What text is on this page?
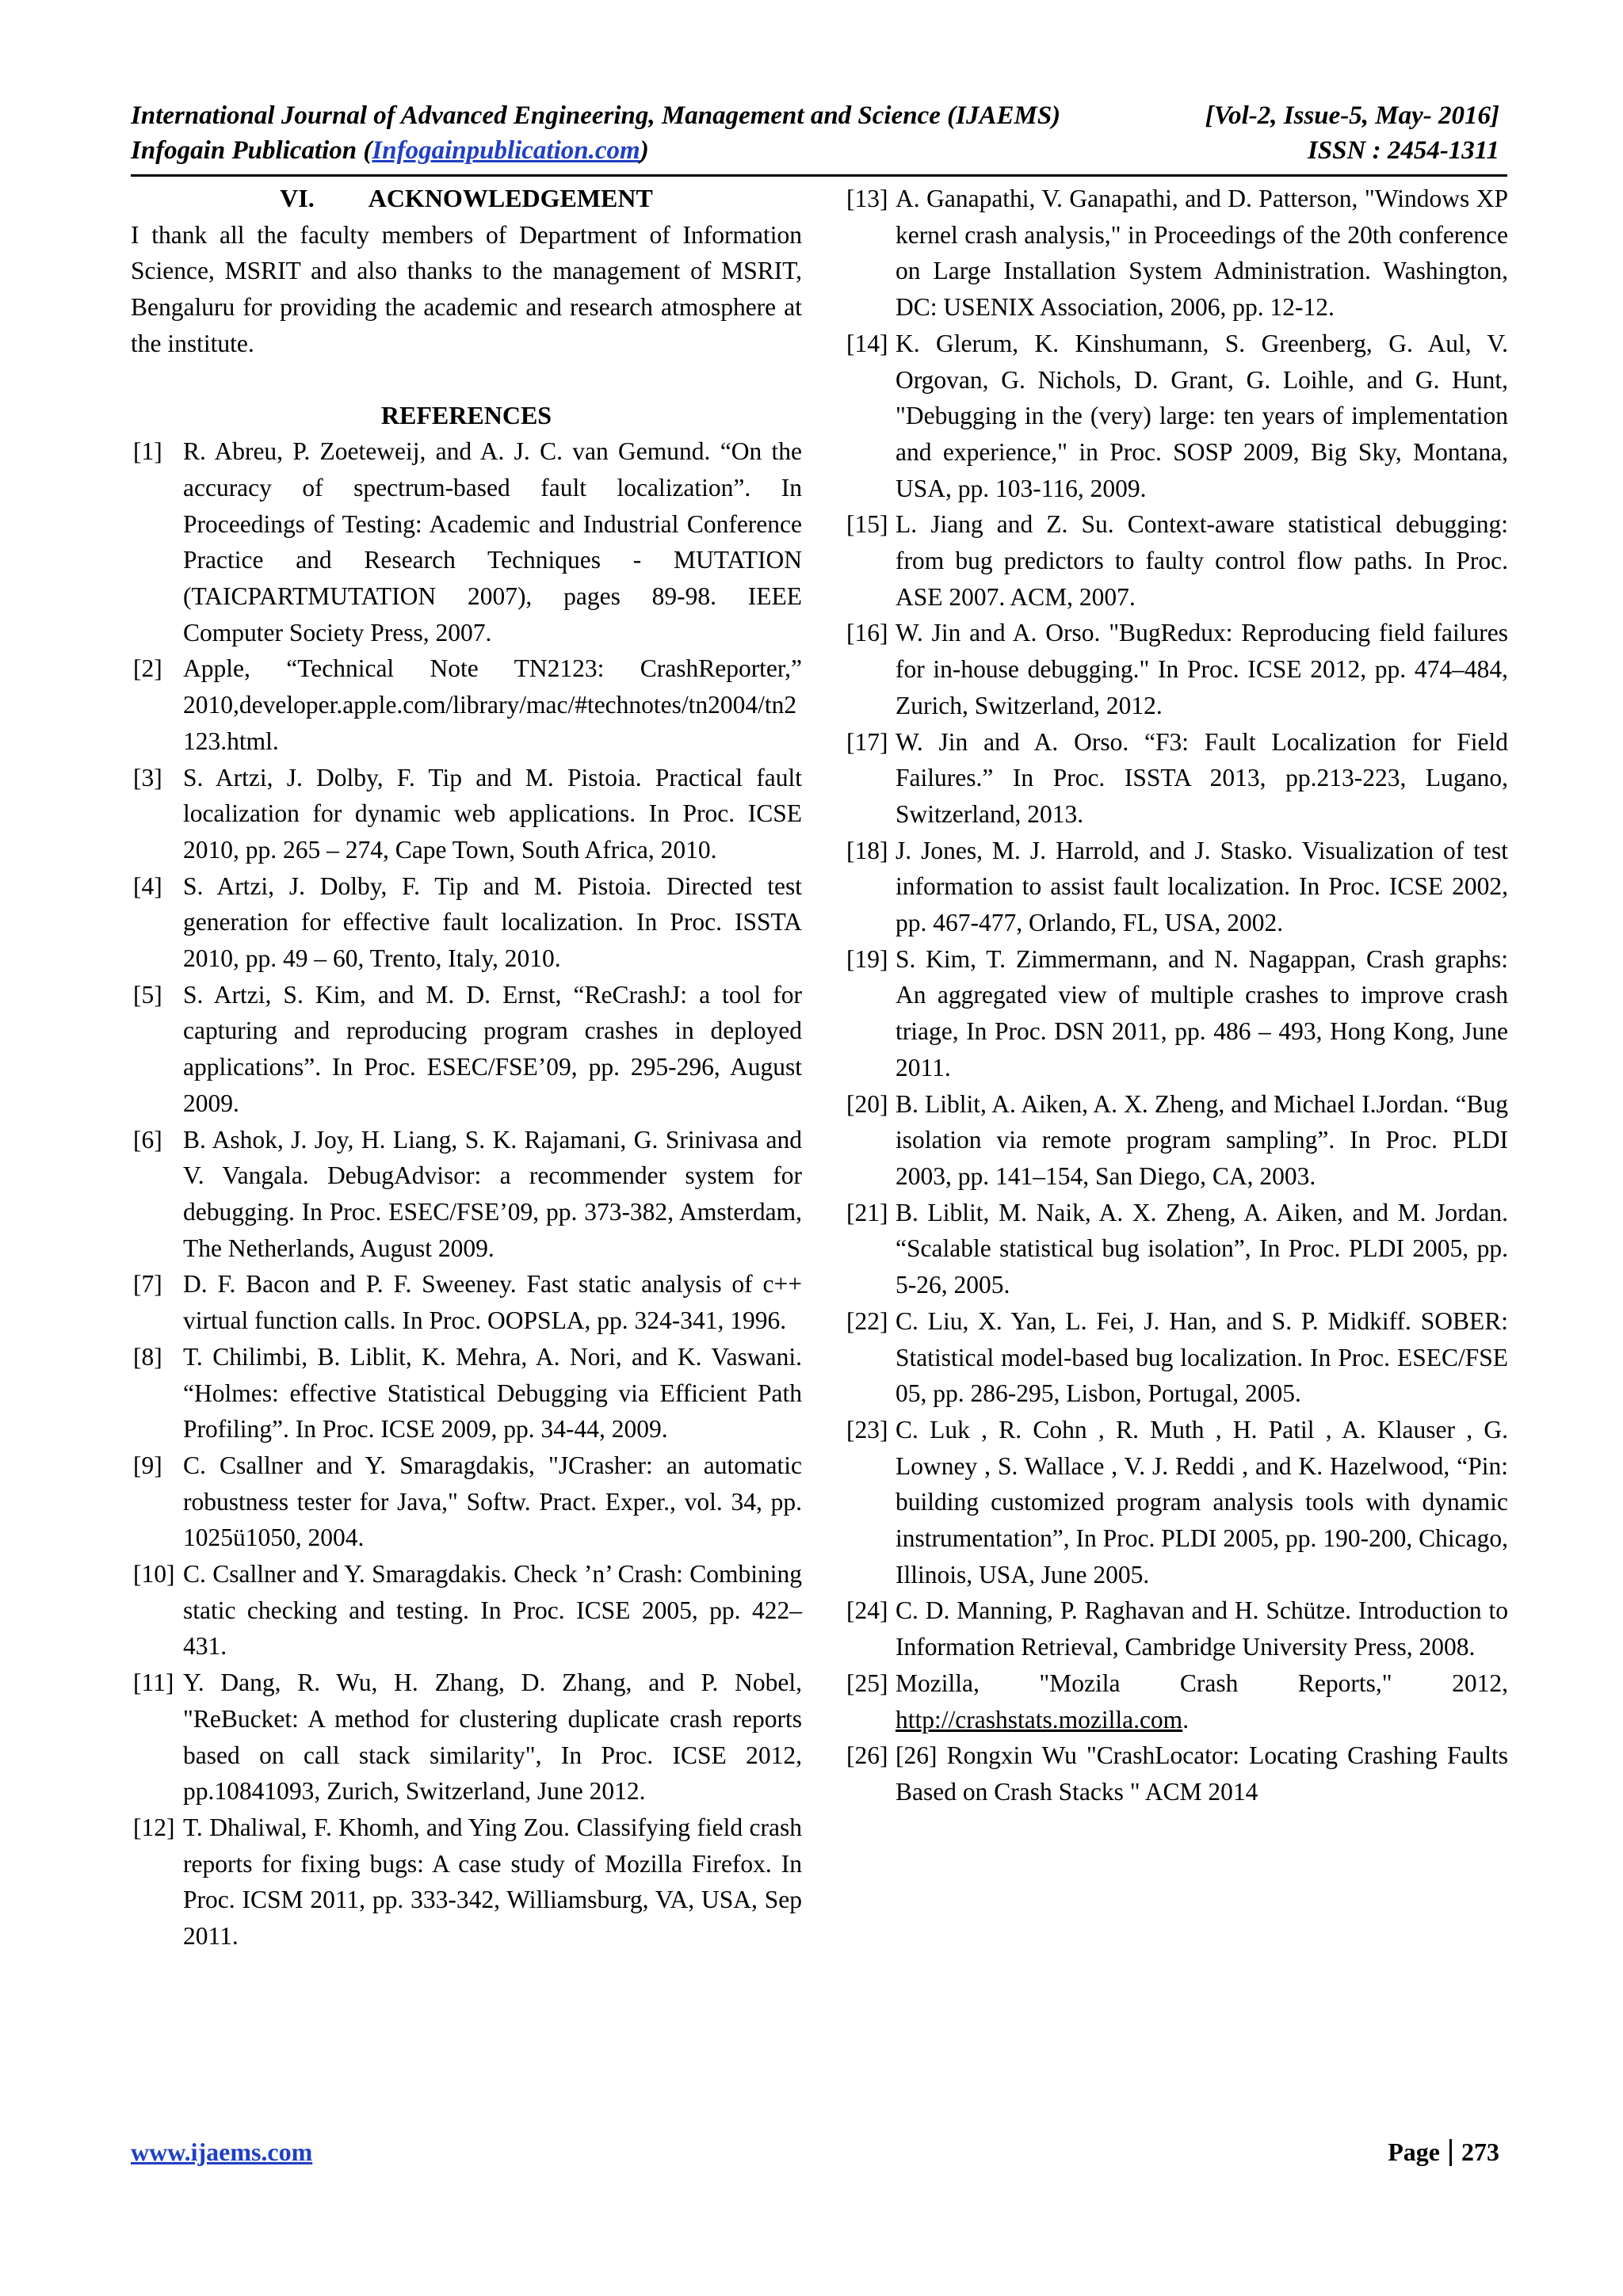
International Journal of Advanced Engineering, Management and Science (IJAEMS)	[Vol-2, Issue-5, May- 2016]
Infogain Publication (Infogainpublication.com)	ISSN : 2454-1311
VI. ACKNOWLEDGEMENT
I thank all the faculty members of Department of Information Science, MSRIT and also thanks to the management of MSRIT, Bengaluru for providing the academic and research atmosphere at the institute.
REFERENCES
[1] R. Abreu, P. Zoeteweij, and A. J. C. van Gemund. “On the accuracy of spectrum-based fault localization”. In Proceedings of Testing: Academic and Industrial Conference Practice and Research Techniques - MUTATION (TAICPARTMUTATION 2007), pages 89-98. IEEE Computer Society Press, 2007.
[2] Apple, “Technical Note TN2123: CrashReporter,” 2010,developer.apple.com/library/mac/#technotes/tn2004/tn2123.html.
[3] S. Artzi, J. Dolby, F. Tip and M. Pistoia. Practical fault localization for dynamic web applications. In Proc. ICSE 2010, pp. 265 – 274, Cape Town, South Africa, 2010.
[4] S. Artzi, J. Dolby, F. Tip and M. Pistoia. Directed test generation for effective fault localization. In Proc. ISSTA 2010, pp. 49 – 60, Trento, Italy, 2010.
[5] S. Artzi, S. Kim, and M. D. Ernst, “ReCrashJ: a tool for capturing and reproducing program crashes in deployed applications”. In Proc. ESEC/FSE’09, pp. 295-296, August 2009.
[6] B. Ashok, J. Joy, H. Liang, S. K. Rajamani, G. Srinivasa and V. Vangala. DebugAdvisor: a recommender system for debugging. In Proc. ESEC/FSE’09, pp. 373-382, Amsterdam, The Netherlands, August 2009.
[7] D. F. Bacon and P. F. Sweeney. Fast static analysis of c++ virtual function calls. In Proc. OOPSLA, pp. 324-341, 1996.
[8] T. Chilimbi, B. Liblit, K. Mehra, A. Nori, and K. Vaswani. “Holmes: effective Statistical Debugging via Efficient Path Profiling”. In Proc. ICSE 2009, pp. 34-44, 2009.
[9] C. Csallner and Y. Smaragdakis, "JCrasher: an automatic robustness tester for Java," Softw. Pract. Exper., vol. 34, pp. 1025ü1050, 2004.
[10] C. Csallner and Y. Smaragdakis. Check ’n’ Crash: Combining static checking and testing. In Proc. ICSE 2005, pp. 422– 431.
[11] Y. Dang, R. Wu, H. Zhang, D. Zhang, and P. Nobel, "ReBucket: A method for clustering duplicate crash reports based on call stack similarity", In Proc. ICSE 2012, pp.10841093, Zurich, Switzerland, June 2012.
[12] T. Dhaliwal, F. Khomh, and Ying Zou. Classifying field crash reports for fixing bugs: A case study of Mozilla Firefox. In Proc. ICSM 2011, pp. 333-342, Williamsburg, VA, USA, Sep 2011.
[13] A. Ganapathi, V. Ganapathi, and D. Patterson, "Windows XP kernel crash analysis," in Proceedings of the 20th conference on Large Installation System Administration. Washington, DC: USENIX Association, 2006, pp. 12-12.
[14] K. Glerum, K. Kinshumann, S. Greenberg, G. Aul, V. Orgovan, G. Nichols, D. Grant, G. Loihle, and G. Hunt, "Debugging in the (very) large: ten years of implementation and experience," in Proc. SOSP 2009, Big Sky, Montana, USA, pp. 103-116, 2009.
[15] L. Jiang and Z. Su. Context-aware statistical debugging: from bug predictors to faulty control flow paths. In Proc. ASE 2007. ACM, 2007.
[16] W. Jin and A. Orso. "BugRedux: Reproducing field failures for in-house debugging." In Proc. ICSE 2012, pp. 474–484, Zurich, Switzerland, 2012.
[17] W. Jin and A. Orso. “F3: Fault Localization for Field Failures.” In Proc. ISSTA 2013, pp.213-223, Lugano, Switzerland, 2013.
[18] J. Jones, M. J. Harrold, and J. Stasko. Visualization of test information to assist fault localization. In Proc. ICSE 2002, pp. 467-477, Orlando, FL, USA, 2002.
[19] S. Kim, T. Zimmermann, and N. Nagappan, Crash graphs: An aggregated view of multiple crashes to improve crash triage, In Proc. DSN 2011, pp. 486 – 493, Hong Kong, June 2011.
[20] B. Liblit, A. Aiken, A. X. Zheng, and Michael I.Jordan. “Bug isolation via remote program sampling”. In Proc. PLDI 2003, pp. 141–154, San Diego, CA, 2003.
[21] B. Liblit, M. Naik, A. X. Zheng, A. Aiken, and M. Jordan. “Scalable statistical bug isolation”, In Proc. PLDI 2005, pp. 5-26, 2005.
[22] C. Liu, X. Yan, L. Fei, J. Han, and S. P. Midkiff. SOBER: Statistical model-based bug localization. In Proc. ESEC/FSE 05, pp. 286-295, Lisbon, Portugal, 2005.
[23] C. Luk , R. Cohn , R. Muth , H. Patil , A. Klauser , G. Lowney , S. Wallace , V. J. Reddi , and K. Hazelwood, “Pin: building customized program analysis tools with dynamic instrumentation”, In Proc. PLDI 2005, pp. 190-200, Chicago, Illinois, USA, June 2005.
[24] C. D. Manning, P. Raghavan and H. Schütze. Introduction to Information Retrieval, Cambridge University Press, 2008.
[25] Mozilla, "Mozila Crash Reports," 2012, http://crashstats.mozilla.com.
[26] [26] Rongxin Wu "CrashLocator: Locating Crashing Faults Based on Crash Stacks " ACM 2014
www.ijaems.com	Page 273
